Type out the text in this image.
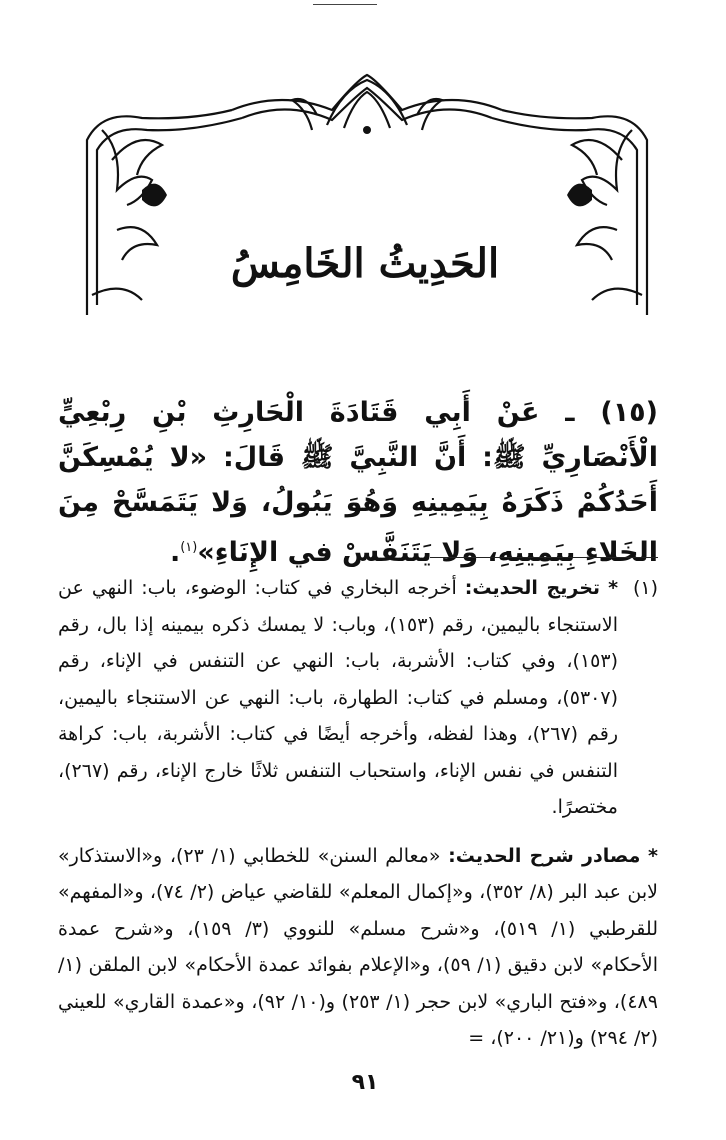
الحَدِيثُ الخَامِسُ
(١٥) ـ عَنْ أَبِي قَتَادَةَ الْحَارِثِ بْنِ رِبْعِيٍّ الْأَنْصَارِيِّ ﷺ: أَنَّ النَّبِيَّ ﷺ قَالَ: «لا يُمْسِكَنَّ أَحَدُكُمْ ذَكَرَهُ بِيَمِينِهِ وَهُوَ يَبُولُ، وَلا يَتَمَسَّحْ مِنَ الخَلاءِ بِيَمِينِهِ، وَلا يَتَنَفَّسْ في الإِنَاءِ»$^{(١)}$.
(١)
* تخريج الحديث: أخرجه البخاري في كتاب: الوضوء، باب: النهي عن الاستنجاء باليمين، رقم (١٥٣)، وباب: لا يمسك ذكره بيمينه إذا بال، رقم (١٥٣)، وفي كتاب: الأشربة، باب: النهي عن التنفس في الإناء، رقم (٥٣٠٧)، ومسلم في كتاب: الطهارة، باب: النهي عن الاستنجاء باليمين، رقم (٢٦٧)، وهذا لفظه، وأخرجه أيضًا في كتاب: الأشربة، باب: كراهة التنفس في نفس الإناء، واستحباب التنفس ثلاثًا خارج الإناء، رقم (٢٦٧)، مختصرًا.
* مصادر شرح الحديث: «معالم السنن» للخطابي (١/ ٢٣)، و«الاستذكار» لابن عبد البر (٨/ ٣٥٢)، و«إكمال المعلم» للقاضي عياض (٢/ ٧٤)، و«المفهم» للقرطبي (١/ ٥١٩)، و«شرح مسلم» للنووي (٣/ ١٥٩)، و«شرح عمدة الأحكام» لابن دقيق (١/ ٥٩)، و«الإعلام بفوائد عمدة الأحكام» لابن الملقن (١/ ٤٨٩)، و«فتح الباري» لابن حجر (١/ ٢٥٣) و(١٠/ ٩٢)، و«عمدة القاري» للعيني (٢/ ٢٩٤) و(٢١/ ٢٠٠)، =
٩١
